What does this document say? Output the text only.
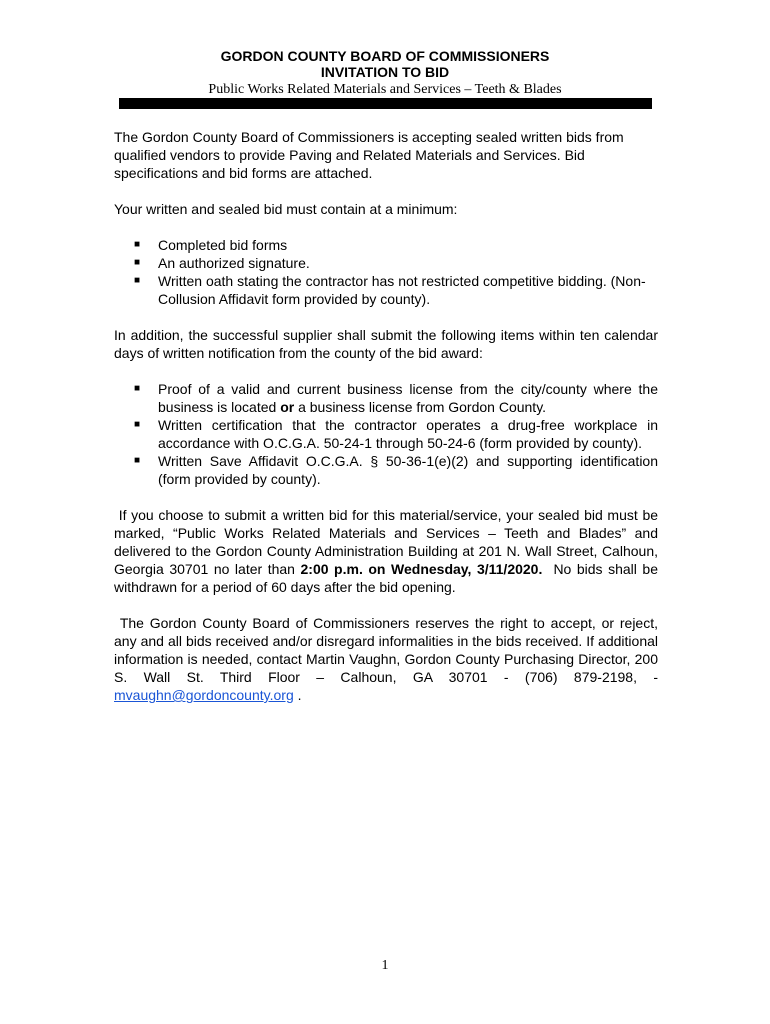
GORDON COUNTY BOARD OF COMMISSIONERS
INVITATION TO BID
Public Works Related Materials and Services – Teeth & Blades

The Gordon County Board of Commissioners is accepting sealed written bids from qualified vendors to provide Paving and Related Materials and Services. Bid specifications and bid forms are attached.

Your written and sealed bid must contain at a minimum:

■ Completed bid forms
■ An authorized signature.
■ Written oath stating the contractor has not restricted competitive bidding. (Non-Collusion Affidavit form provided by county).

In addition, the successful supplier shall submit the following items within ten calendar days of written notification from the county of the bid award:

■ Proof of a valid and current business license from the city/county where the business is located or a business license from Gordon County.
■ Written certification that the contractor operates a drug-free workplace in accordance with O.C.G.A. 50-24-1 through 50-24-6 (form provided by county).
■ Written Save Affidavit O.C.G.A. § 50-36-1(e)(2) and supporting identification (form provided by county).

If you choose to submit a written bid for this material/service, your sealed bid must be marked, “Public Works Related Materials and Services – Teeth and Blades” and delivered to the Gordon County Administration Building at 201 N. Wall Street, Calhoun, Georgia 30701 no later than 2:00 p.m. on Wednesday, 3/11/2020. No bids shall be withdrawn for a period of 60 days after the bid opening.

The Gordon County Board of Commissioners reserves the right to accept, or reject, any and all bids received and/or disregard informalities in the bids received. If additional information is needed, contact Martin Vaughn, Gordon County Purchasing Director, 200 S. Wall St. Third Floor – Calhoun, GA 30701 - (706) 879-2198, - mvaughn@gordoncounty.org .

1
